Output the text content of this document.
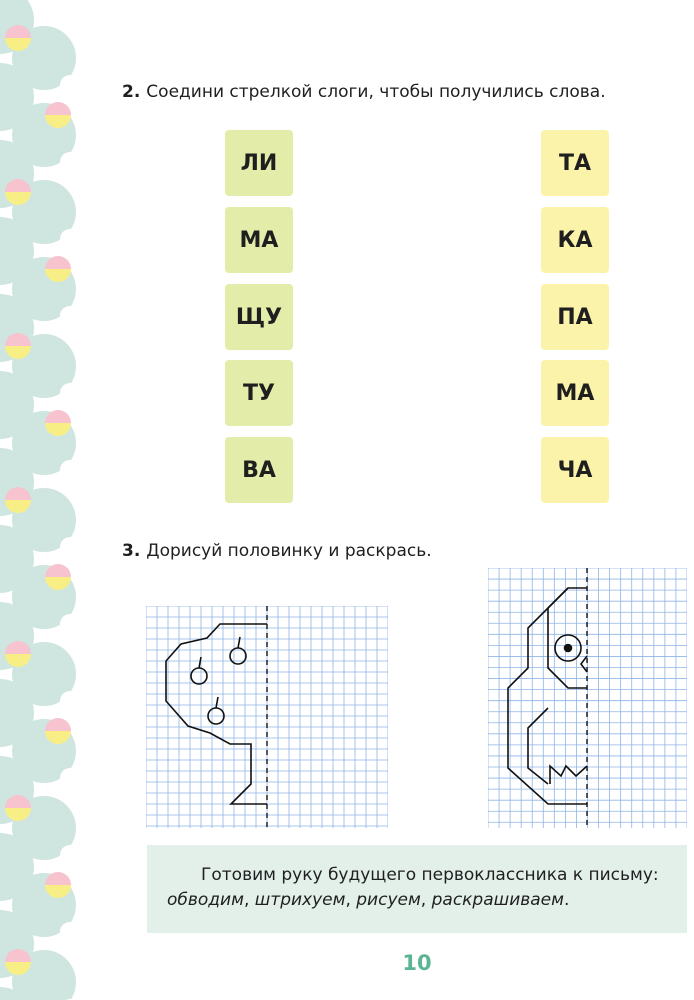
2. Соедини стрелкой слоги, чтобы получились слова.
ЛИ
МА
ЩУ
ТУ
ВА
ТА
КА
ПА
МА
ЧА
3. Дорисуй половинку и раскрась.
Готовим руку будущего первоклассника к письму: обводим, штрихуем, рисуем, раскрашиваем.
10
